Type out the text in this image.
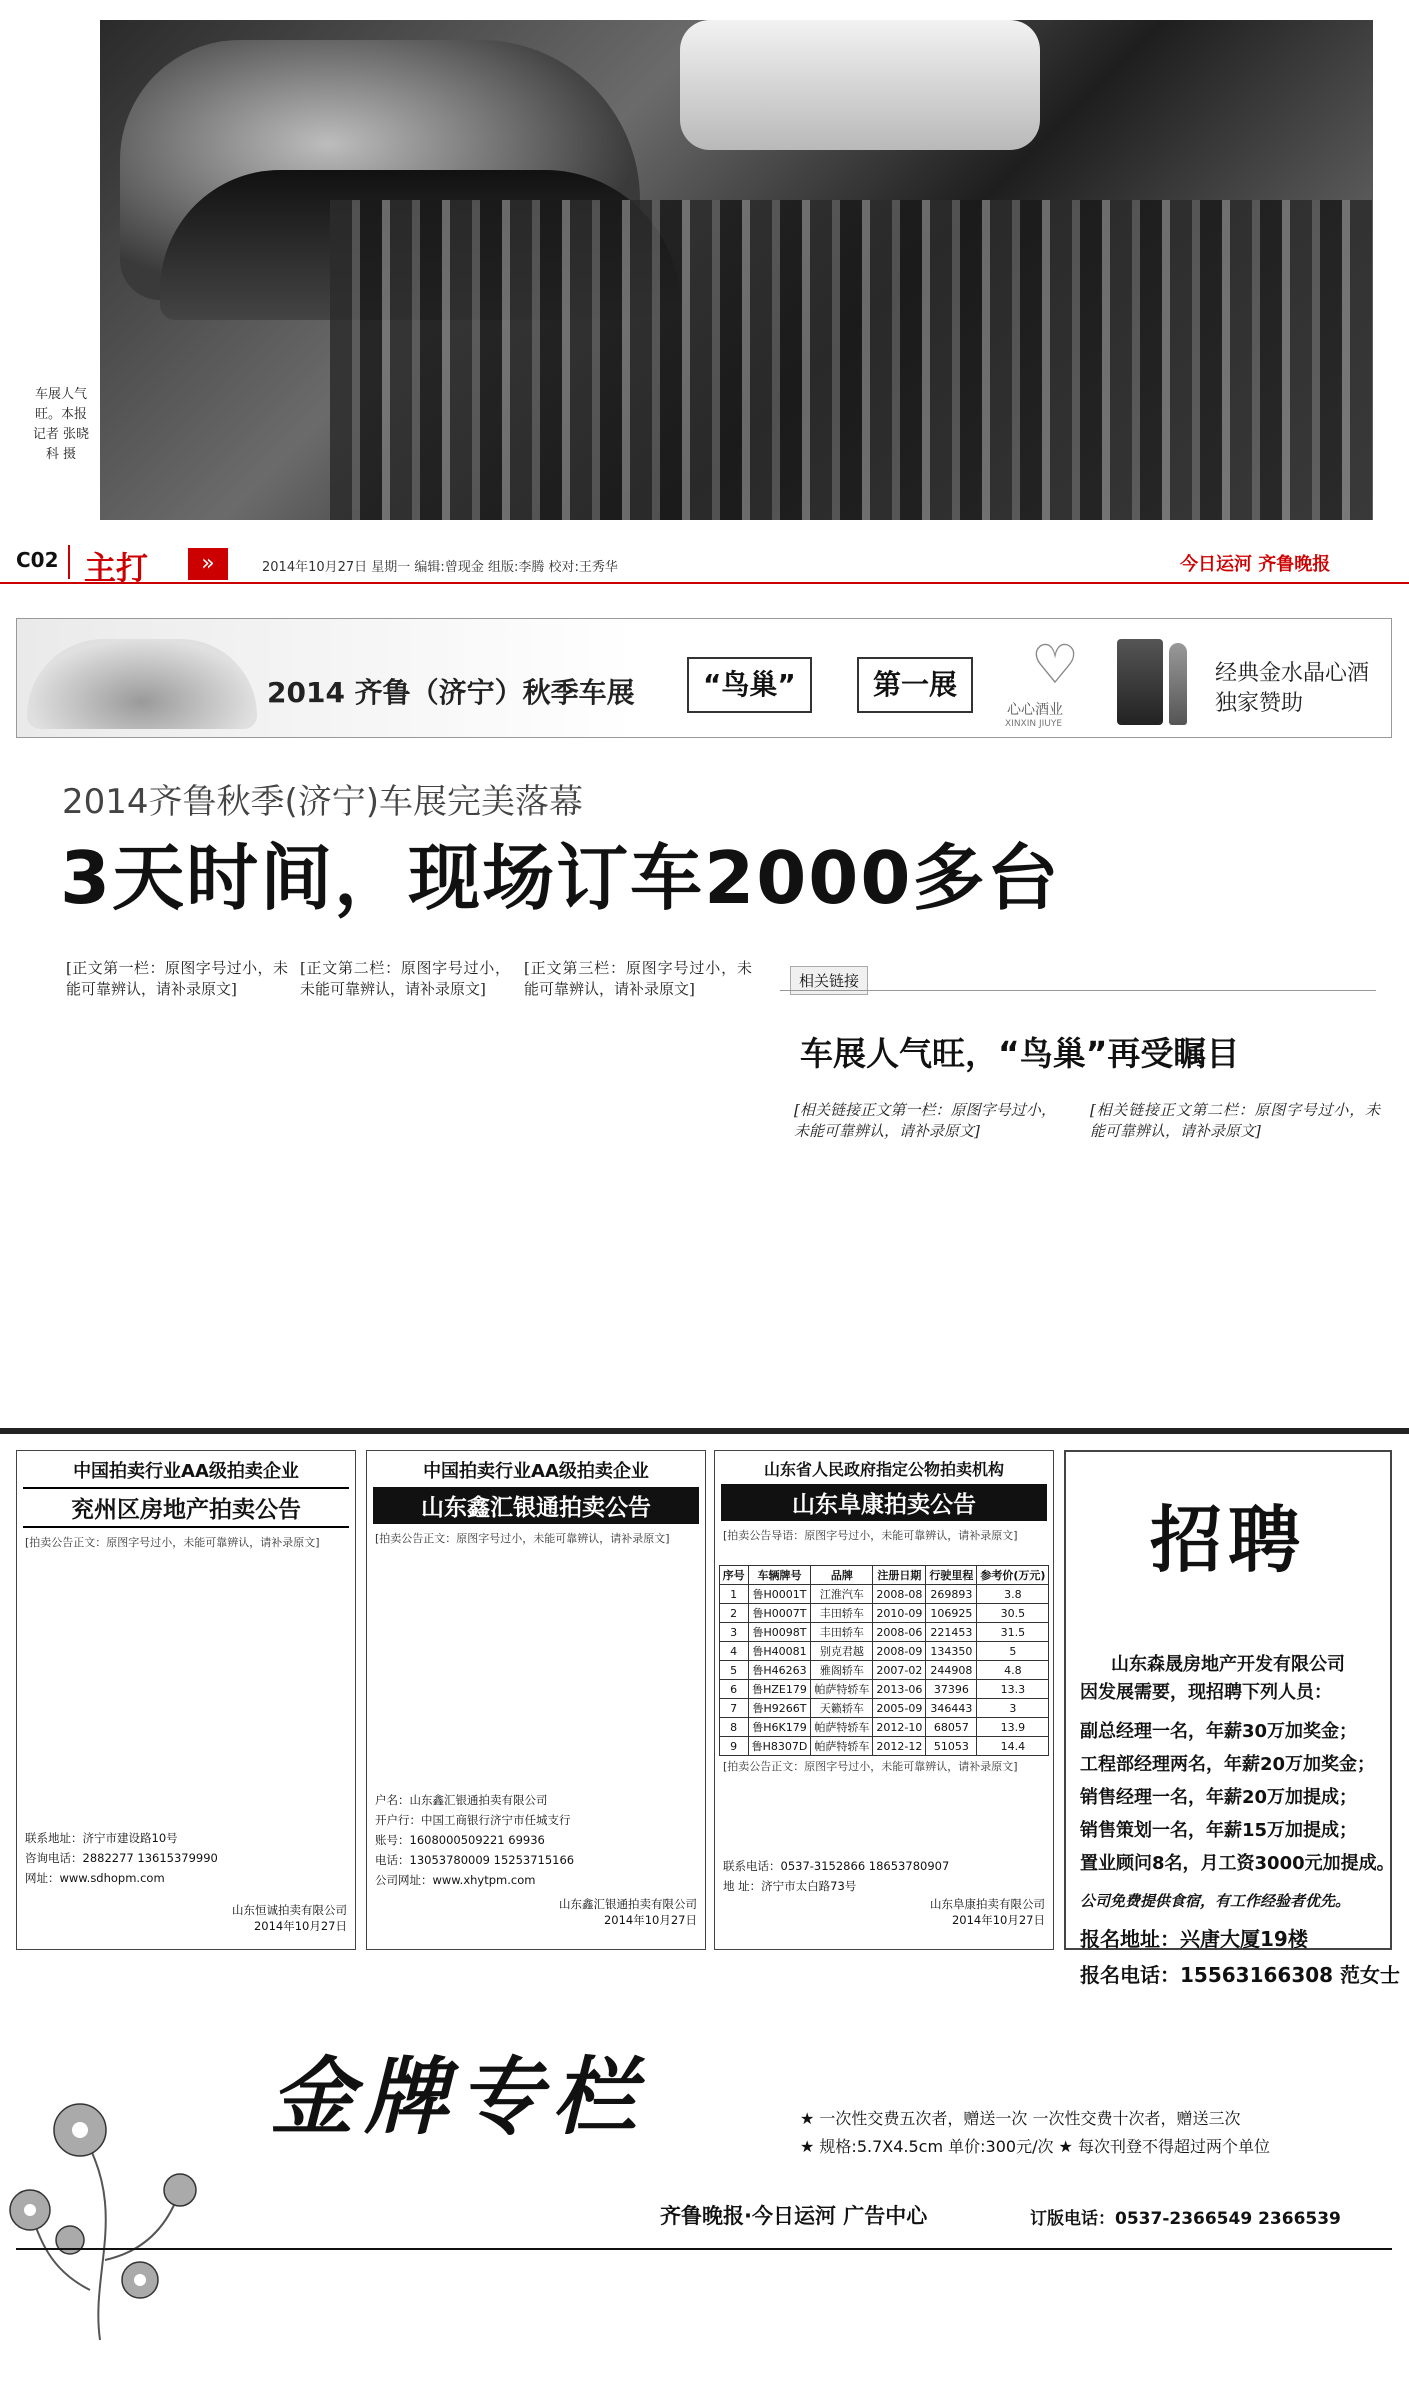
车展人气旺。本报记者 张晓科 摄
C02 主打	»	2014年10月27日 星期一 编辑:曾现金 组版:李腾 校对:王秀华	今日运河 齐鲁晚报
2014 齐鲁（济宁）秋季车展	“鸟巢”	第一展 ♡
心心酒业
XINXIN JIUYE
经典金水晶心酒
独家赞助
2014齐鲁秋季(济宁)车展完美落幕
3天时间，现场订车2000多台
[正文第一栏：原图字号过小，未能可靠辨认，请补录原文]
[正文第二栏：原图字号过小，未能可靠辨认，请补录原文]
[正文第三栏：原图字号过小，未能可靠辨认，请补录原文]	相关链接
车展人气旺，“鸟巢”再受瞩目
[相关链接正文第一栏：原图字号过小，未能可靠辨认，请补录原文]
[相关链接正文第二栏：原图字号过小，未能可靠辨认，请补录原文]
中国拍卖行业AA级拍卖企业
兖州区房地产拍卖公告
[拍卖公告正文：原图字号过小，未能可靠辨认，请补录原文]
联系地址：济宁市建设路10号
咨询电话：2882277 13615379990
网址：www.sdhopm.com
山东恒诚拍卖有限公司
2014年10月27日
中国拍卖行业AA级拍卖企业
山东鑫汇银通拍卖公告
[拍卖公告正文：原图字号过小，未能可靠辨认，请补录原文]
户名：山东鑫汇银通拍卖有限公司
开户行：中国工商银行济宁市任城支行
账号：1608000509221 69936
电话：13053780009 15253715166
公司网址：www.xhytpm.com
山东鑫汇银通拍卖有限公司
2014年10月27日
山东省人民政府指定公物拍卖机构
山东阜康拍卖公告
[拍卖公告导语：原图字号过小，未能可靠辨认，请补录原文]
序号	车辆牌号	品牌	注册日期	行驶里程	参考价(万元)
1	鲁H0001T	江淮汽车	2008-08	269893	3.8
2	鲁H0007T	丰田轿车	2010-09	106925	30.5
3	鲁H0098T	丰田轿车	2008-06	221453	31.5
4	鲁H40081	别克君越	2008-09	134350	5
5	鲁H46263	雅阁轿车	2007-02	244908	4.8
6	鲁HZE179	帕萨特轿车	2013-06	37396	13.3
7	鲁H9266T	天籁轿车	2005-09	346443	3
8	鲁H6K179	帕萨特轿车	2012-10	68057	13.9
9	鲁H8307D	帕萨特轿车	2012-12	51053	14.4
[拍卖公告正文：原图字号过小，未能可靠辨认，请补录原文]
联系电话：0537-3152866 18653780907
地 址：济宁市太白路73号
山东阜康拍卖有限公司
2014年10月27日
招聘
山东森晟房地产开发有限公司
因发展需要，现招聘下列人员：
副总经理一名，年薪30万加奖金；
工程部经理两名，年薪20万加奖金；
销售经理一名，年薪20万加提成；
销售策划一名，年薪15万加提成；
置业顾问8名，月工资3000元加提成。
公司免费提供食宿，有工作经验者优先。
报名地址：兴唐大厦19楼
报名电话：15563166308 范女士
金牌专栏	★ 一次性交费五次者，赠送一次 一次性交费十次者，赠送三次
★ 规格:5.7X4.5cm 单价:300元/次 ★ 每次刊登不得超过两个单位
齐鲁晚报·今日运河 广告中心	订版电话：0537-2366549 2366539
